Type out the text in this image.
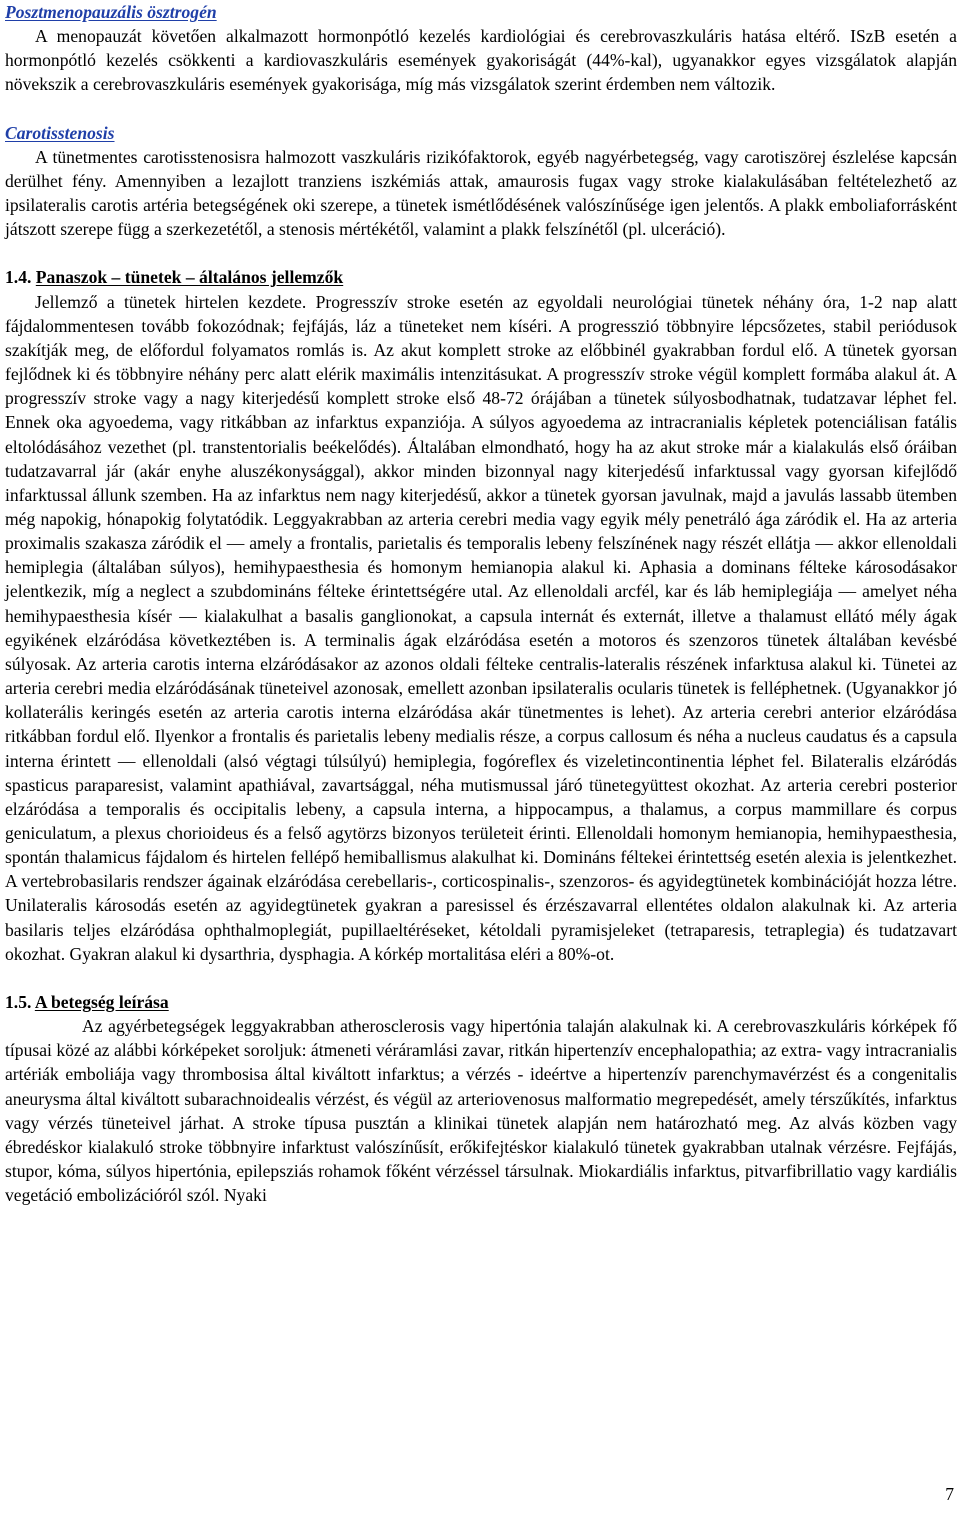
Posztmenopauzális ösztrogén

A menopauzát követően alkalmazott hormonpótló kezelés kardiológiai és cerebrovaszkuláris hatása eltérő. ISzB esetén a hormonpótló kezelés csökkenti a kardiovaszkuláris események gyakoriságát (44%-kal), ugyanakkor egyes vizsgálatok alapján növekszik a cerebrovaszkuláris események gyakorisága, míg más vizsgálatok szerint érdemben nem változik.

Carotisstenosis

A tünetmentes carotisstenosisra halmozott vaszkuláris rizikófaktorok, egyéb nagyérbetegség, vagy carotiszörej észlelése kapcsán derülhet fény. Amennyiben a lezajlott tranziens iszkémiás attak, amaurosis fugax vagy stroke kialakulásában feltételezhető az ipsilateralis carotis artéria betegségének oki szerepe, a tünetek ismétlődésének valószínűsége igen jelentős. A plakk emboliaforrásként játszott szerepe függ a szerkezetétől, a stenosis mértékétől, valamint a plakk felszínétől (pl. ulceráció).

1.4. Panaszok – tünetek – általános jellemzők

Jellemző a tünetek hirtelen kezdete. Progresszív stroke esetén az egyoldali neurológiai tünetek néhány óra, 1-2 nap alatt fájdalommentesen tovább fokozódnak; fejfájás, láz a tüneteket nem kíséri. A progresszió többnyire lépcsőzetes, stabil periódusok szakítják meg, de előfordul folyamatos romlás is. Az akut komplett stroke az előbbinél gyakrabban fordul elő. A tünetek gyorsan fejlődnek ki és többnyire néhány perc alatt elérik maximális intenzitásukat. A progresszív stroke végül komplett formába alakul át. A progresszív stroke vagy a nagy kiterjedésű komplett stroke első 48-72 órájában a tünetek súlyosbodhatnak, tudatzavar léphet fel. Ennek oka agyoedema, vagy ritkábban az infarktus expanziója. A súlyos agyoedema az intracranialis képletek potenciálisan fatális eltolódásához vezethet (pl. transtentorialis beékelődés). Általában elmondható, hogy ha az akut stroke már a kialakulás első óráiban tudatzavarral jár (akár enyhe aluszékonysággal), akkor minden bizonnyal nagy kiterjedésű infarktussal vagy gyorsan kifejlődő infarktussal állunk szemben. Ha az infarktus nem nagy kiterjedésű, akkor a tünetek gyorsan javulnak, majd a javulás lassabb ütemben még napokig, hónapokig folytatódik. Leggyakrabban az arteria cerebri media vagy egyik mély penetráló ága záródik el. Ha az arteria proximalis szakasza záródik el — amely a frontalis, parietalis és temporalis lebeny felszínének nagy részét ellátja — akkor ellenoldali hemiplegia (általában súlyos), hemihypaesthesia és homonym hemianopia alakul ki. Aphasia a dominans félteke károsodásakor jelentkezik, míg a neglect a szubdomináns félteke érintettségére utal. Az ellenoldali arcfél, kar és láb hemiplegiája — amelyet néha hemihypaesthesia kísér — kialakulhat a basalis ganglionokat, a capsula internát és externát, illetve a thalamust ellátó mély ágak egyikének elzáródása következtében is. A terminalis ágak elzáródása esetén a motoros és szenzoros tünetek általában kevésbé súlyosak. Az arteria carotis interna elzáródásakor az azonos oldali félteke centralis-lateralis részének infarktusa alakul ki. Tünetei az arteria cerebri media elzáródásának tüneteivel azonosak, emellett azonban ipsilateralis ocularis tünetek is felléphetnek. (Ugyanakkor jó kollaterális keringés esetén az arteria carotis interna elzáródása akár tünetmentes is lehet). Az arteria cerebri anterior elzáródása ritkábban fordul elő. Ilyenkor a frontalis és parietalis lebeny medialis része, a corpus callosum és néha a nucleus caudatus és a capsula interna érintett — ellenoldali (alsó végtagi túlsúlyú) hemiplegia, fogóreflex és vizeletincontinentia léphet fel. Bilateralis elzáródás spasticus paraparesist, valamint apathiával, zavartsággal, néha mutismussal járó tünetegyüttest okozhat. Az arteria cerebri posterior elzáródása a temporalis és occipitalis lebeny, a capsula interna, a hippocampus, a thalamus, a corpus mammillare és corpus geniculatum, a plexus chorioideus és a felső agytörzs bizonyos területeit érinti. Ellenoldali homonym hemianopia, hemihypaesthesia, spontán thalamicus fájdalom és hirtelen fellépő hemiballismus alakulhat ki. Domináns féltekei érintettség esetén alexia is jelentkezhet. A vertebrobasilaris rendszer ágainak elzáródása cerebellaris-, corticospinalis-, szenzoros- és agyidegtünetek kombinációját hozza létre. Unilateralis károsodás esetén az agyidegtünetek gyakran a paresissel és érzészavarral ellentétes oldalon alakulnak ki. Az arteria basilaris teljes elzáródása ophthalmoplegiát, pupillaeltéréseket, kétoldali pyramisjeleket (tetraparesis, tetraplegia) és tudatzavart okozhat. Gyakran alakul ki dysarthria, dysphagia. A kórkép mortalitása eléri a 80%-ot.

1.5. A betegség leírása

Az agyérbetegségek leggyakrabban atherosclerosis vagy hipertónia talaján alakulnak ki. A cerebrovaszkuláris kórképek fő típusai közé az alábbi kórképeket soroljuk: átmeneti véráramlási zavar, ritkán hipertenzív encephalopathia; az extra- vagy intracranialis artériák emboliája vagy thrombosisa által kiváltott infarktus; a vérzés - ideértve a hipertenzív parenchymavérzést és a congenitalis aneurysma által kiváltott subarachnoidealis vérzést, és végül az arteriovenosus malformatio megrepedését, amely térszűkítés, infarktus vagy vérzés tüneteivel járhat. A stroke típusa pusztán a klinikai tünetek alapján nem határozható meg. Az alvás közben vagy ébredéskor kialakuló stroke többnyire infarktust valószínűsít, erőkifejtéskor kialakuló tünetek gyakrabban utalnak vérzésre. Fejfájás, stupor, kóma, súlyos hipertónia, epilepsziás rohamok főként vérzéssel társulnak. Miokardiális infarktus, pitvarfibrillatio vagy kardiális vegetáció embolizációról szól. Nyaki

7
